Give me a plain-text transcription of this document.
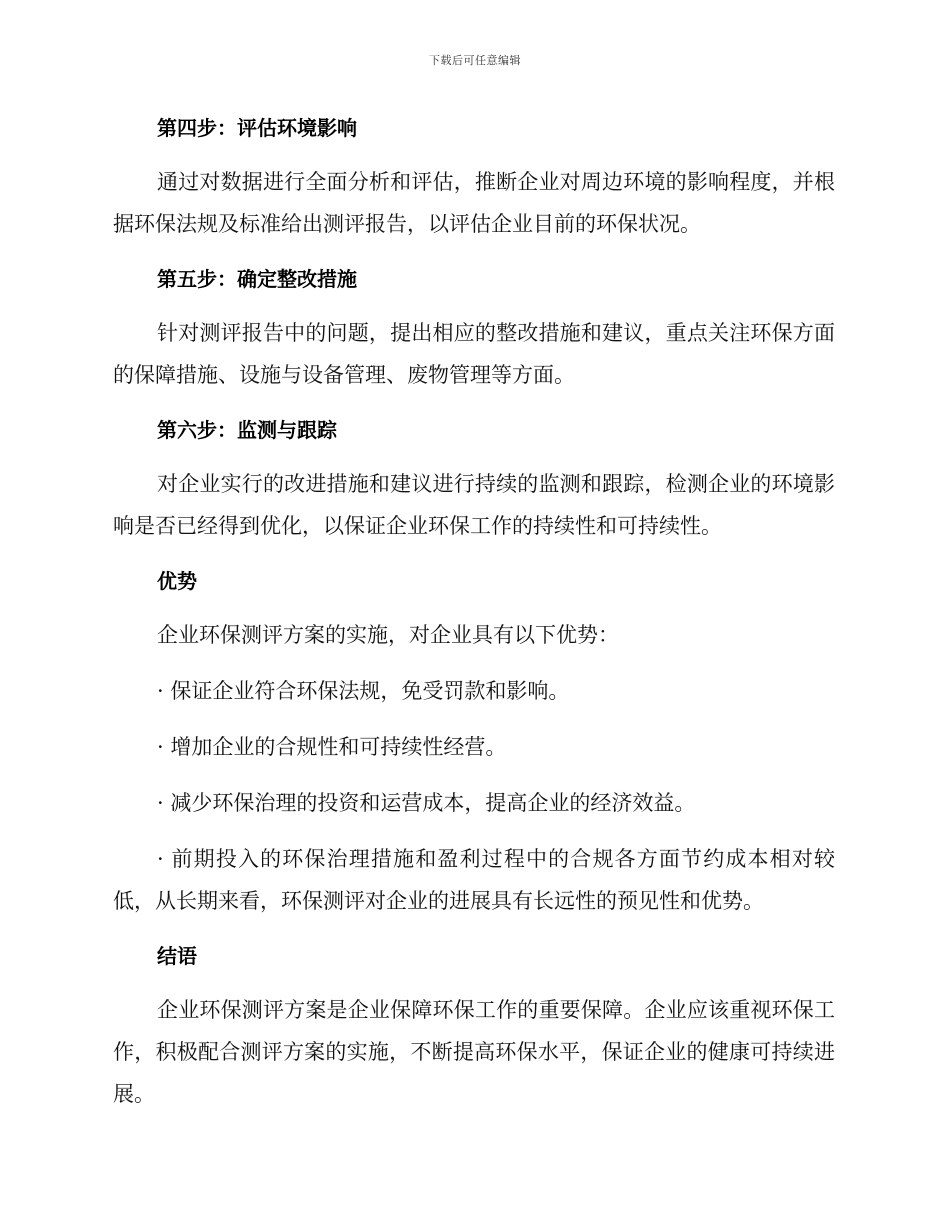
下载后可任意编辑

第四步：评估环境影响

通过对数据进行全面分析和评估，推断企业对周边环境的影响程度，并根据环保法规及标准给出测评报告，以评估企业目前的环保状况。

第五步：确定整改措施

针对测评报告中的问题，提出相应的整改措施和建议，重点关注环保方面的保障措施、设施与设备管理、废物管理等方面。

第六步：监测与跟踪

对企业实行的改进措施和建议进行持续的监测和跟踪，检测企业的环境影响是否已经得到优化，以保证企业环保工作的持续性和可持续性。

优势

企业环保测评方案的实施，对企业具有以下优势：

· 保证企业符合环保法规，免受罚款和影响。

· 增加企业的合规性和可持续性经营。

· 减少环保治理的投资和运营成本，提高企业的经济效益。

· 前期投入的环保治理措施和盈利过程中的合规各方面节约成本相对较低，从长期来看，环保测评对企业的进展具有长远性的预见性和优势。

结语

企业环保测评方案是企业保障环保工作的重要保障。企业应该重视环保工作，积极配合测评方案的实施，不断提高环保水平，保证企业的健康可持续进展。
